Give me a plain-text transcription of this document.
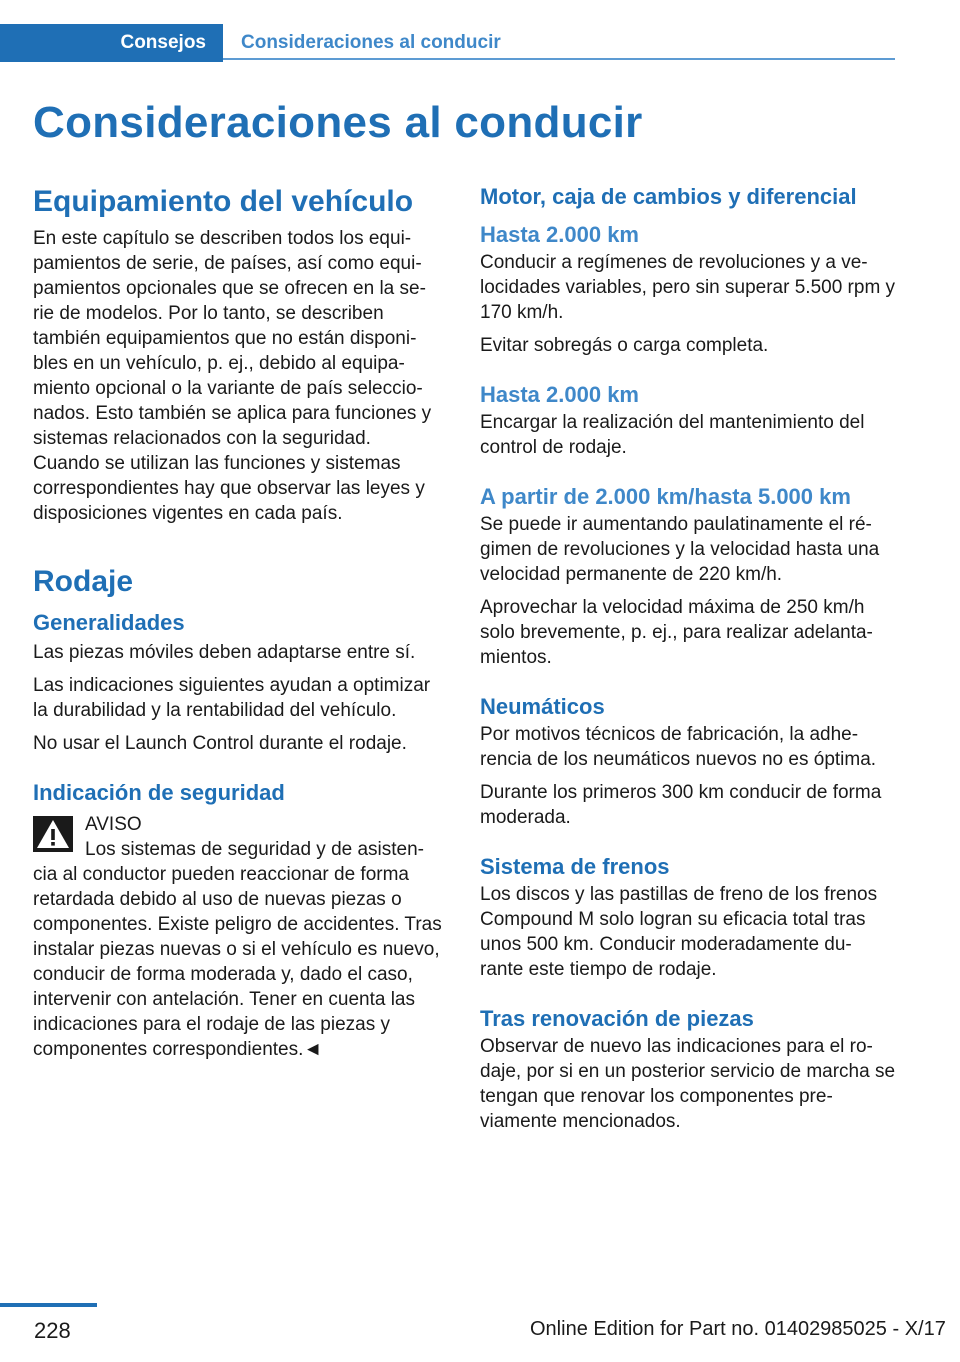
Consejos	Consideraciones al conducir
Consideraciones al conducir
Equipamiento del vehículo

En este capítulo se describen todos los equi- pamientos de serie, de países, así como equi- pamientos opcionales que se ofrecen en la se- rie de modelos. Por lo tanto, se describen también equipamientos que no están disponi- bles en un vehículo, p. ej., debido al equipa- miento opcional o la variante de país seleccio- nados. Esto también se aplica para funciones y sistemas relacionados con la seguridad.

Cuando se utilizan las funciones y sistemas correspondientes hay que observar las leyes y disposiciones vigentes en cada país.

Rodaje
Generalidades

Las piezas móviles deben adaptarse entre sí.

Las indicaciones siguientes ayudan a optimizar la durabilidad y la rentabilidad del vehículo.

No usar el Launch Control durante el rodaje.

Indicación de seguridad
AVISO

Los sistemas de seguridad y de asisten- cia al conductor pueden reaccionar de forma retardada debido al uso de nuevas piezas o componentes. Existe peligro de accidentes. Tras instalar piezas nuevas o si el vehículo es nuevo, conducir de forma moderada y, dado el caso, intervenir con antelación. Tener en cuenta las indicaciones para el rodaje de las piezas y componentes correspondientes.◄

Motor, caja de cambios y diferencial
Hasta 2.000 km

Conducir a regímenes de revoluciones y a ve- locidades variables, pero sin superar 5.500 rpm y 170 km/h.

Evitar sobregás o carga completa.

Hasta 2.000 km

Encargar la realización del mantenimiento del control de rodaje.

A partir de 2.000 km/hasta 5.000 km

Se puede ir aumentando paulatinamente el ré- gimen de revoluciones y la velocidad hasta una velocidad permanente de 220 km/h.

Aprovechar la velocidad máxima de 250 km/h solo brevemente, p. ej., para realizar adelanta- mientos.

Neumáticos

Por motivos técnicos de fabricación, la adhe- rencia de los neumáticos nuevos no es óptima.

Durante los primeros 300 km conducir de forma moderada.

Sistema de frenos

Los discos y las pastillas de freno de los frenos Compound M solo logran su eficacia total tras unos 500 km. Conducir moderadamente du- rante este tiempo de rodaje.

Tras renovación de piezas

Observar de nuevo las indicaciones para el ro- daje, por si en un posterior servicio de marcha se tengan que renovar los componentes pre- viamente mencionados.

228	Online Edition for Part no. 01402985025 - X/17
